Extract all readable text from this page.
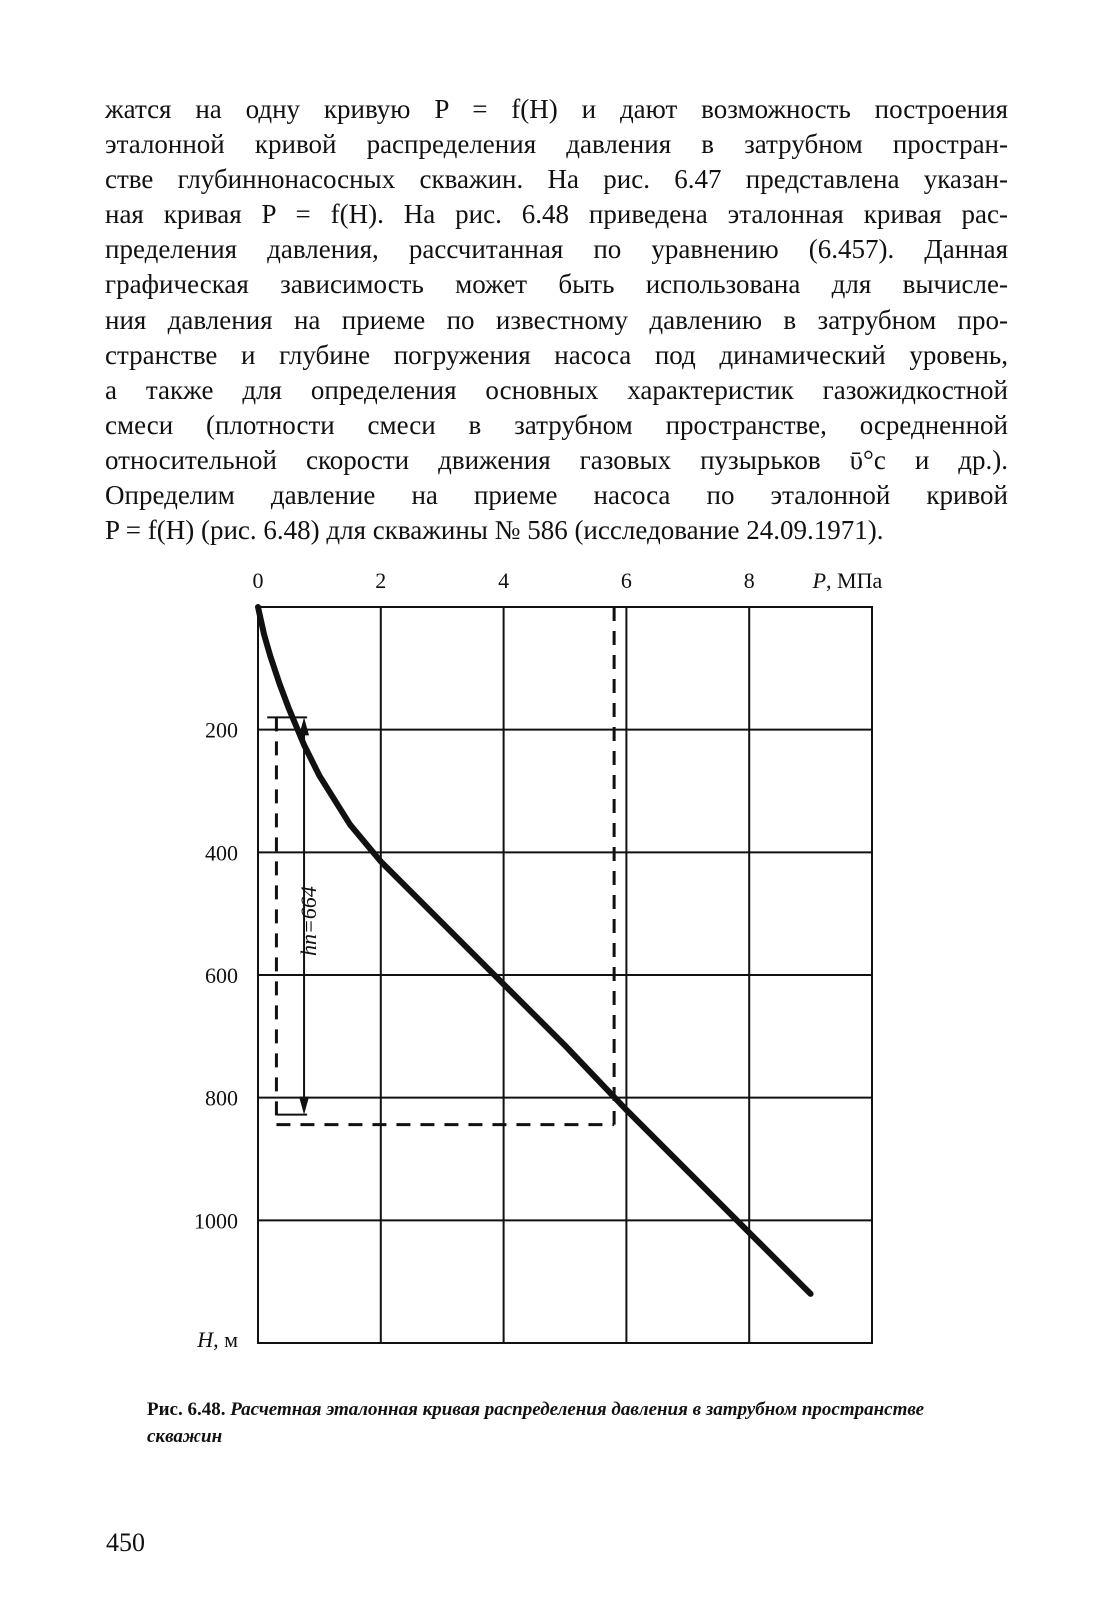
жатся на одну кривую P = f(H) и дают возможность построения
эталонной кривой распределения давления в затрубном простран-
стве глубиннонасосных скважин. На рис. 6.47 представлена указан-
ная кривая P = f(H). На рис. 6.48 приведена эталонная кривая рас-
пределения давления, рассчитанная по уравнению (6.457). Данная
графическая зависимость может быть использована для вычисле-
ния давления на приеме по известному давлению в затрубном про-
странстве и глубине погружения насоса под динамический уровень,
а также для определения основных характеристик газожидкостной
смеси (плотности смеси в затрубном пространстве, осредненной
относительной скорости движения газовых пузырьков ῡ°c и др.).
Определим давление на приеме насоса по эталонной кривой
P = f(H) (рис. 6.48) для скважины № 586 (исследование 24.09.1971).
0	2	4	6	8	P, МПа
200
400
600
800
1000
H, м
hп=664
Рис. 6.48. Расчетная эталонная кривая распределения давления в затрубном пространстве скважин
450
